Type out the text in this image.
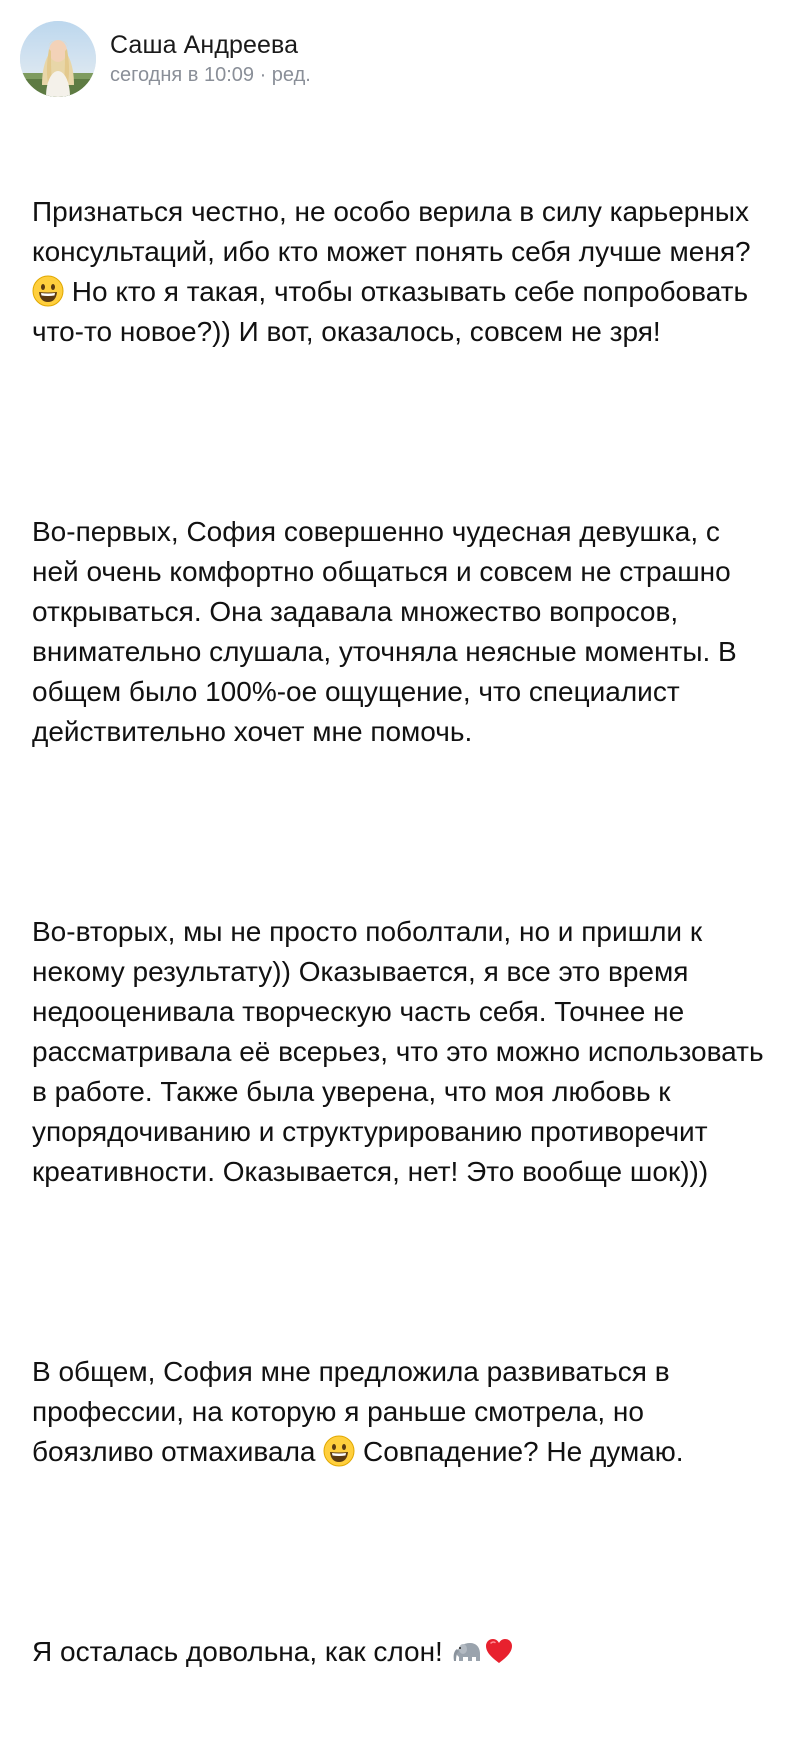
Саша Андреева
сегодня в 10:09 · ред.

Признаться честно, не особо верила в силу карьерных консультаций, ибо кто может понять себя лучше меня?
Но кто я такая, чтобы отказывать себе попробовать что-то новое?)) И вот, оказалось, совсем не зря!

Во-первых, София совершенно чудесная девушка, с ней очень комфортно общаться и совсем не страшно открываться. Она задавала множество вопросов, внимательно слушала, уточняла неясные моменты. В общем было 100%-ое ощущение, что специалист действительно хочет мне помочь.

Во-вторых, мы не просто поболтали, но и пришли к некому результату)) Оказывается, я все это время недооценивала творческую часть себя. Точнее не рассматривала её всерьез, что это можно использовать в работе. Также была уверена, что моя любовь к упорядочиванию и структурированию противоречит креативности. Оказывается, нет! Это вообще шок)))

В общем, София мне предложила развиваться в профессии, на которую я раньше смотрела, но боязливо отмахивала
Совпадение? Не думаю.

Я осталась довольна, как слон!
